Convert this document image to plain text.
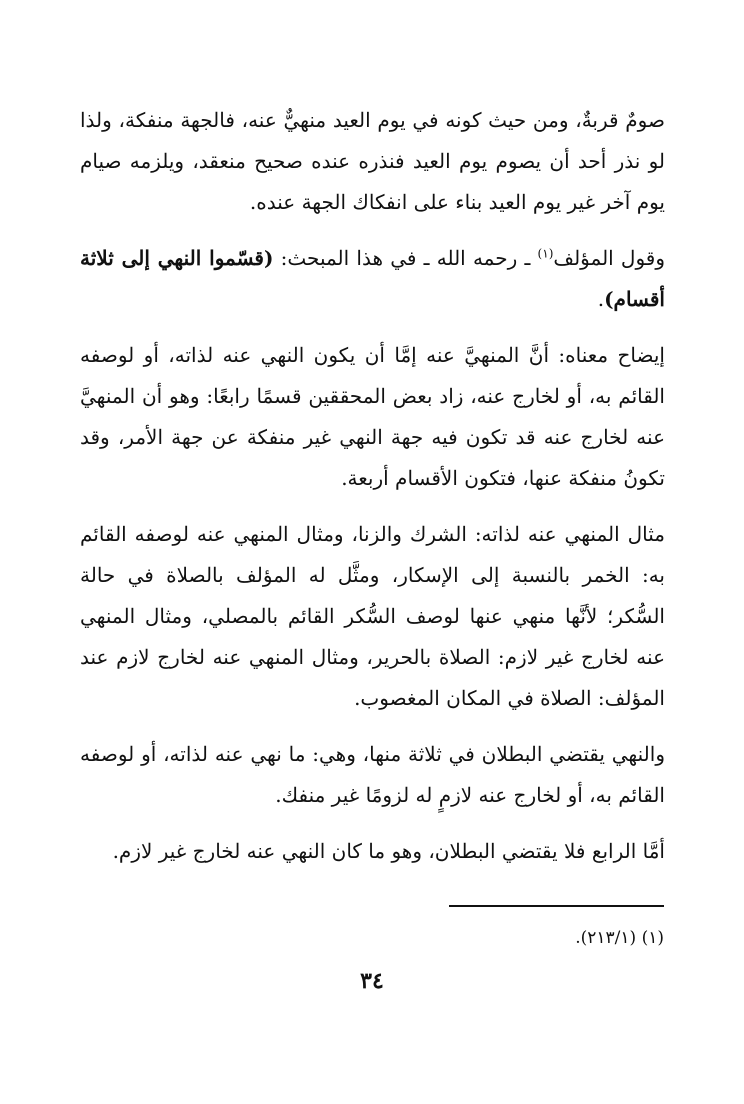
صومٌ قربةٌ، ومن حيث كونه في يوم العيد منهيٌّ عنه، فالجهة منفكة، ولذا لو نذر أحد أن يصوم يوم العيد فنذره عنده صحيح منعقد، ويلزمه صيام يوم آخر غير يوم العيد بناء على انفكاك الجهة عنده.

وقول المؤلف$^{(١)}$ ـ رحمه الله ـ في هذا المبحث: (قسّموا النهي إلى ثلاثة أقسام).

إيضاح معناه: أنَّ المنهيَّ عنه إمَّا أن يكون النهي عنه لذاته، أو لوصفه القائم به، أو لخارج عنه، زاد بعض المحققين قسمًا رابعًا: وهو أن المنهيَّ عنه لخارج عنه قد تكون فيه جهة النهي غير منفكة عن جهة الأمر، وقد تكونُ منفكة عنها، فتكون الأقسام أربعة.

مثال المنهي عنه لذاته: الشرك والزنا، ومثال المنهي عنه لوصفه القائم به: الخمر بالنسبة إلى الإسكار، ومثَّل له المؤلف بالصلاة في حالة السُّكر؛ لأنَّها منهي عنها لوصف السُّكر القائم بالمصلي، ومثال المنهي عنه لخارج غير لازم: الصلاة بالحرير، ومثال المنهي عنه لخارج لازم عند المؤلف: الصلاة في المكان المغصوب.

والنهي يقتضي البطلان في ثلاثة منها، وهي: ما نهي عنه لذاته، أو لوصفه القائم به، أو لخارج عنه لازمٍ له لزومًا غير منفك.

أمَّا الرابع فلا يقتضي البطلان، وهو ما كان النهي عنه لخارج غير لازم.

(١) (٢١٣/١).
٣٤
